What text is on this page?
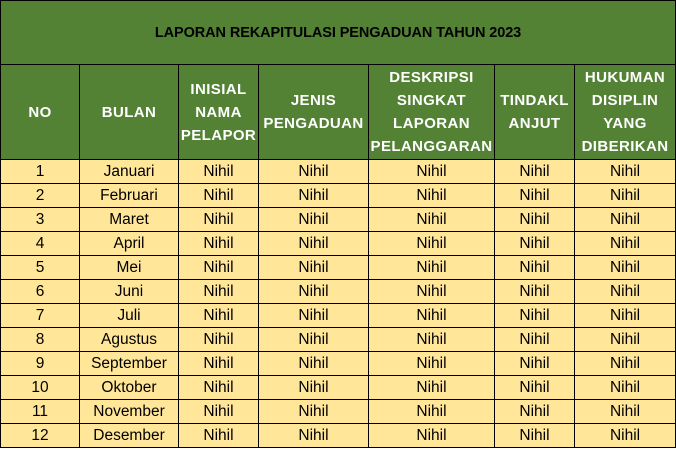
LAPORAN REKAPITULASI PENGADUAN TAHUN 2023						

NO	BULAN	INISIAL
NAMA
PELAPOR	JENIS
PENGADUAN	DESKRIPSI
SINGKAT
LAPORAN
PELANGGARAN	TINDAKL
ANJUT	HUKUMAN
DISIPLIN
YANG
DIBERIKAN

1	Januari	Nihil	Nihil	Nihil	Nihil	Nihil
2	Februari	Nihil	Nihil	Nihil	Nihil	Nihil
3	Maret	Nihil	Nihil	Nihil	Nihil	Nihil
4	April	Nihil	Nihil	Nihil	Nihil	Nihil
5	Mei	Nihil	Nihil	Nihil	Nihil	Nihil
6	Juni	Nihil	Nihil	Nihil	Nihil	Nihil
7	Juli	Nihil	Nihil	Nihil	Nihil	Nihil
8	Agustus	Nihil	Nihil	Nihil	Nihil	Nihil
9	September	Nihil	Nihil	Nihil	Nihil	Nihil
10	Oktober	Nihil	Nihil	Nihil	Nihil	Nihil
11	November	Nihil	Nihil	Nihil	Nihil	Nihil
12	Desember	Nihil	Nihil	Nihil	Nihil	Nihil
